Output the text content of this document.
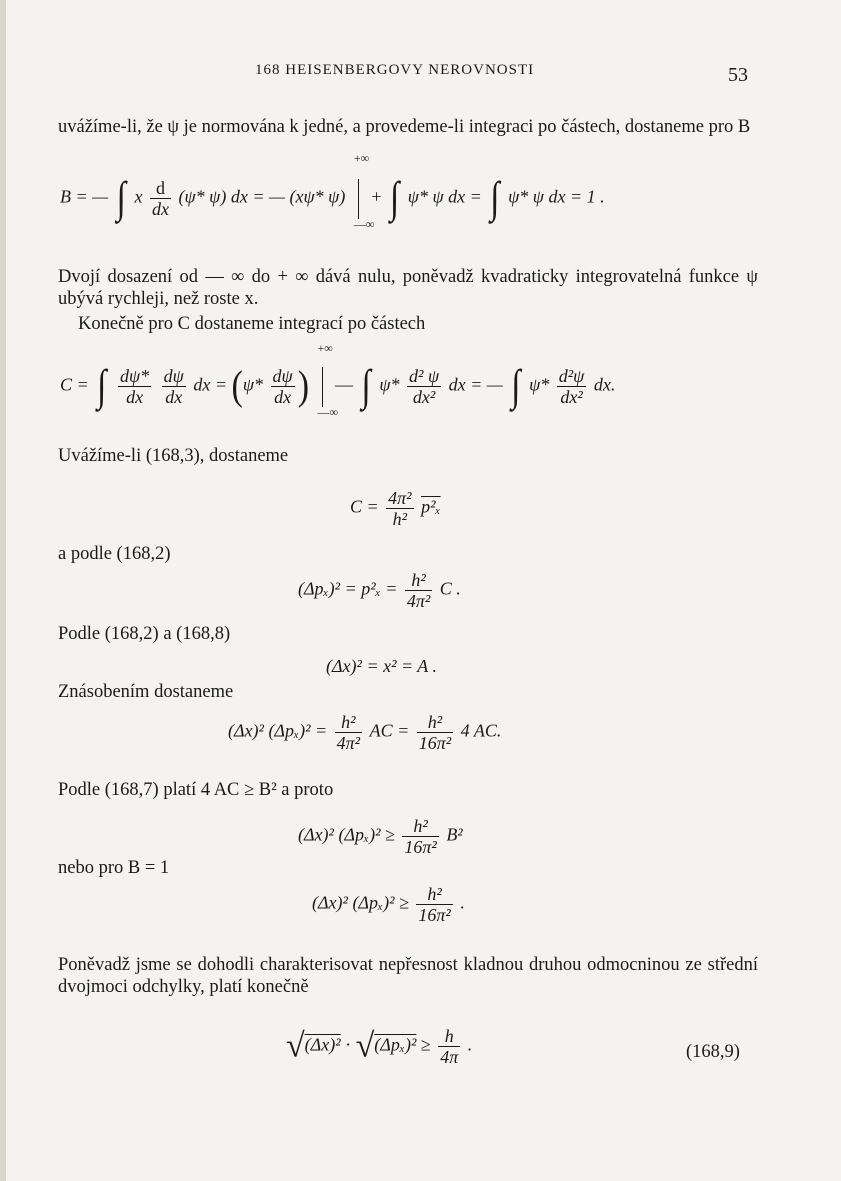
168 HEISENBERGOVY NEROVNOSTI	53
uvážíme-li, že ψ je normována k jedné, a provedeme-li integraci po částech, dostaneme pro B
B = — ∫ x $\frac{d}{dx} (\psi*$ ψ) dx = — (xψ* ψ)
+∞
—∞
+ ∫ ψ* ψ dx = ∫ ψ* ψ dx = 1 .
Dvojí dosazení od — ∞ do + ∞ dává nulu, poněvadž kvadraticky integrovatelná funkce ψ ubývá rychleji, než roste x.
Konečně pro C dostaneme integrací po částech
C = ∫ $\frac{d\psi*}{dx}$
$\frac{d\psi}{dx}$ dx = ($\psi* \frac{d\psi}{dx}$ )
+∞
—∞
— ∫ $\psi* \frac{\text{d² ψ}}{\text{dx²}}$ dx = — ∫ $\psi* \frac{\text{d²ψ}}{\text{dx²}}$ dx.
Uvážíme-li (168,3), dostaneme
$C = \frac{\text{4π²}}{\text{h²}} p^2_x$
a podle (168,2)
$(\Delta p_x)^2 = p^2_x = \frac{\text{h²}}{\text{4π²}}$ C .
Podle (168,2) a (168,8)
(Δx)² = x² = A .
Znásobením dostaneme
(Δx)² $(\Delta p_x)^2 = \frac{\text{h²}}{\text{4π²}}$ AC = $\frac{\text{h²}}{\text{16π²}} 4$ AC.
Podle (168,7) platí 4 AC ≥ B² a proto
(Δx)² $(\Delta p_x)^2 \ge \frac{\text{h²}}{\text{16π²}} B^2$
nebo pro B = 1
(Δx)² $(\Delta p_x)^2 \ge \frac{\text{h²}}{\text{16π²}}$ .
Poněvadž jsme se dohodli charakterisovat nepřesnost kladnou druhou odmocninou ze střední dvojmoci odchylky, platí konečně
$√(\Delta x)^2 \cdot √(\Delta p_x)^2 \ge \frac{h}{4\pi}$ .	(168,9)
